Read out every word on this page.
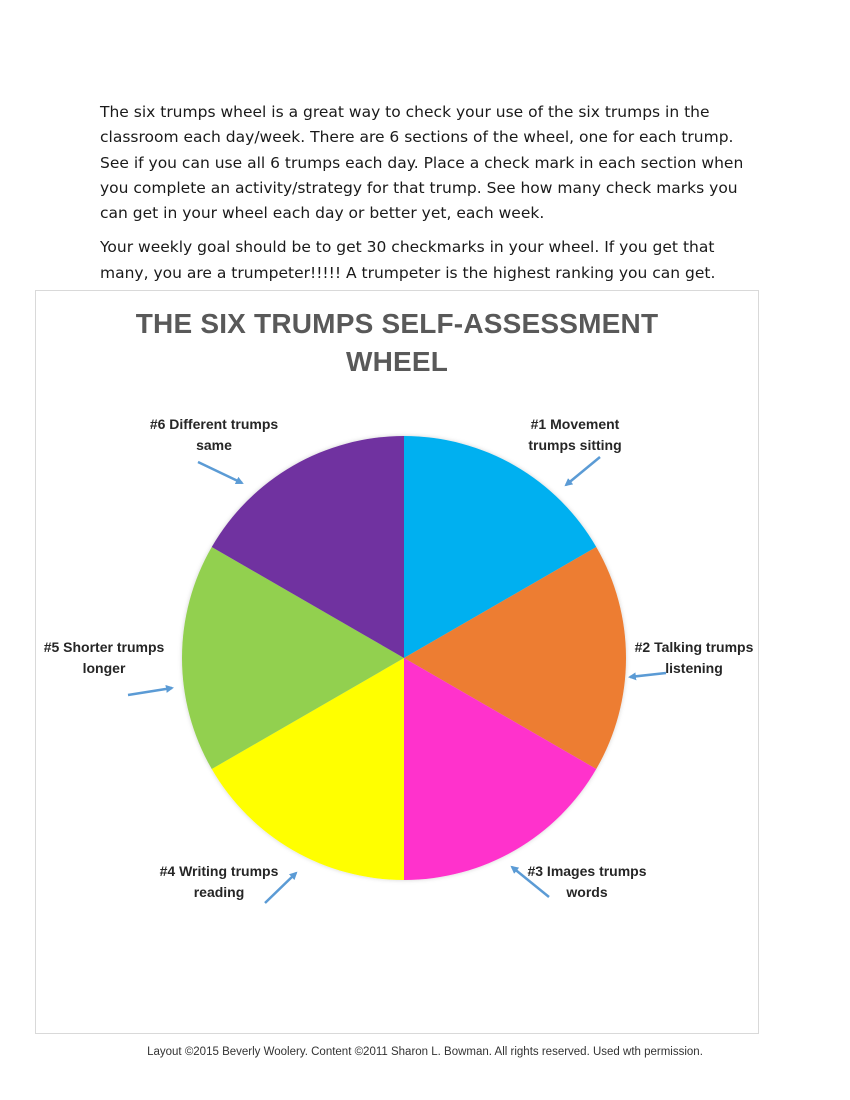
The six trumps wheel is a great way to check your use of the six trumps in the classroom each day/week. There are 6 sections of the wheel, one for each trump. See if you can use all 6 trumps each day. Place a check mark in each section when you complete an activity/strategy for that trump. See how many check marks you can get in your wheel each day or better yet, each week.

Your weekly goal should be to get 30 checkmarks in your wheel. If you get that many, you are a trumpeter!!!!! A trumpeter is the highest ranking you can get.

THE SIX TRUMPS SELF-ASSESSMENT
WHEEL
#1 Movement trumps sitting
#2 Talking trumps listening
#3 Images trumps words
#4 Writing trumps reading
#5 Shorter trumps longer
#6 Different trumps same
Layout ©2015 Beverly Woolery. Content ©2011 Sharon L. Bowman. All rights reserved. Used wth permission.
